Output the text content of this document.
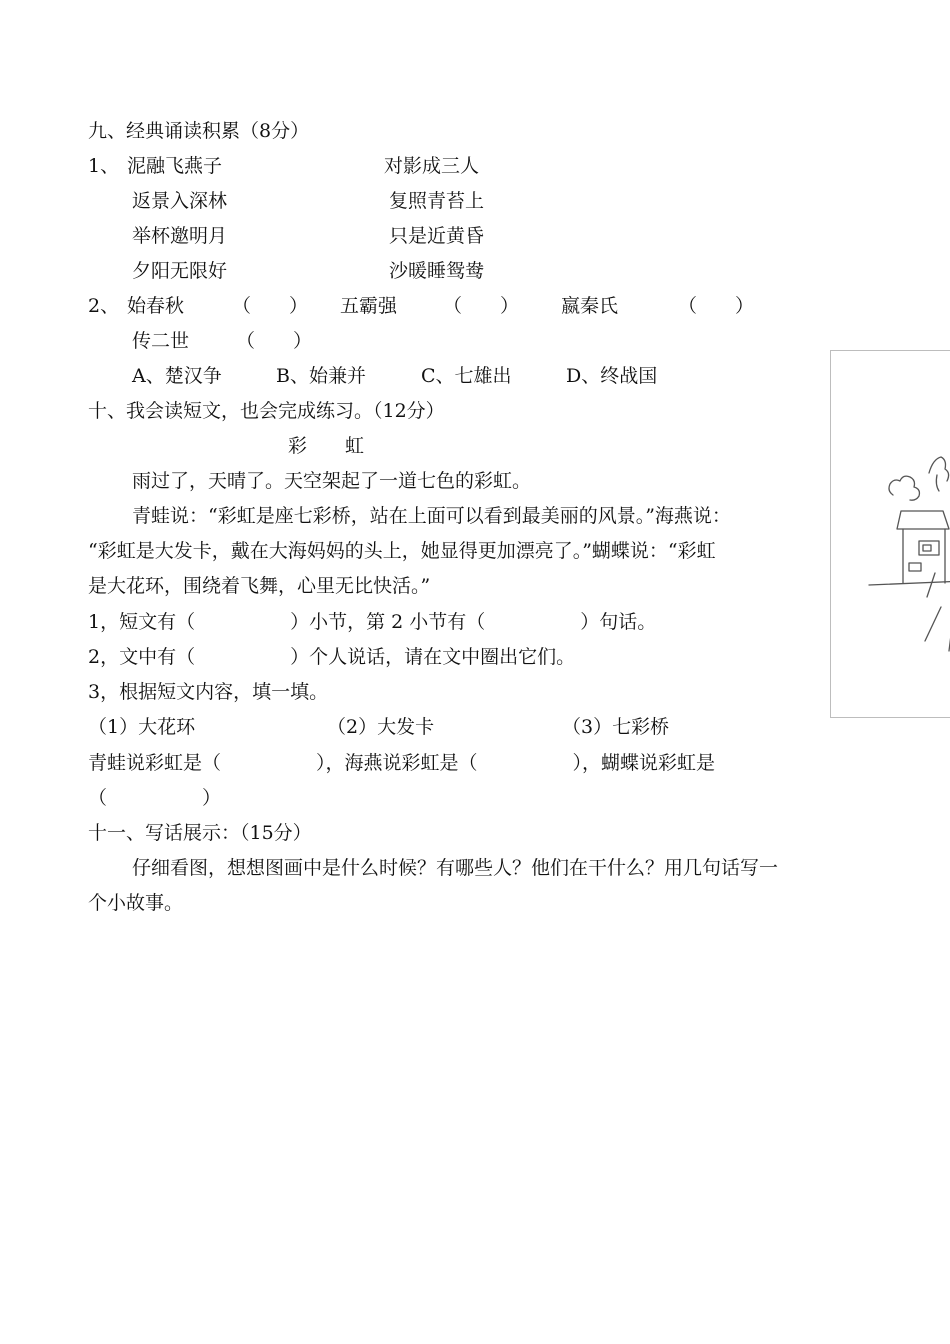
九、经典诵读积累（8分）
1、 泥融飞燕子	对影成三人
返景入深林	复照青苔上
举杯邀明月	只是近黄昏
夕阳无限好	沙暖睡鸳鸯
2、 始春秋	（　　） 五霸强 （　　） 嬴秦氏	（　　）
传二世 （　　）
A、楚汉争	B、始兼并	C、七雄出	D、终战国
十、我会读短文，也会完成练习。（12分）
彩　　虹
雨过了，天晴了。天空架起了一道七色的彩虹。
青蛙说：“彩虹是座七彩桥，站在上面可以看到最美丽的风景。”海燕说：
“彩虹是大发卡，戴在大海妈妈的头上，她显得更加漂亮了。”蝴蝶说：“彩虹
是大花环，围绕着飞舞，心里无比快活。”
1，短文有（　　　　　）小节，第 2 小节有（　　　　　）句话。
2，文中有（　　　　　）个人说话，请在文中圈出它们。
3，根据短文内容，填一填。
（1）大花环	（2）大发卡	（3）七彩桥
青蛙说彩虹是（　　　　　），海燕说彩虹是（　　　　　），蝴蝶说彩虹是
（　　　　　）
十一、写话展示：（15分）
仔细看图，想想图画中是什么时候？有哪些人？他们在干什么？用几句话写一
个小故事。
